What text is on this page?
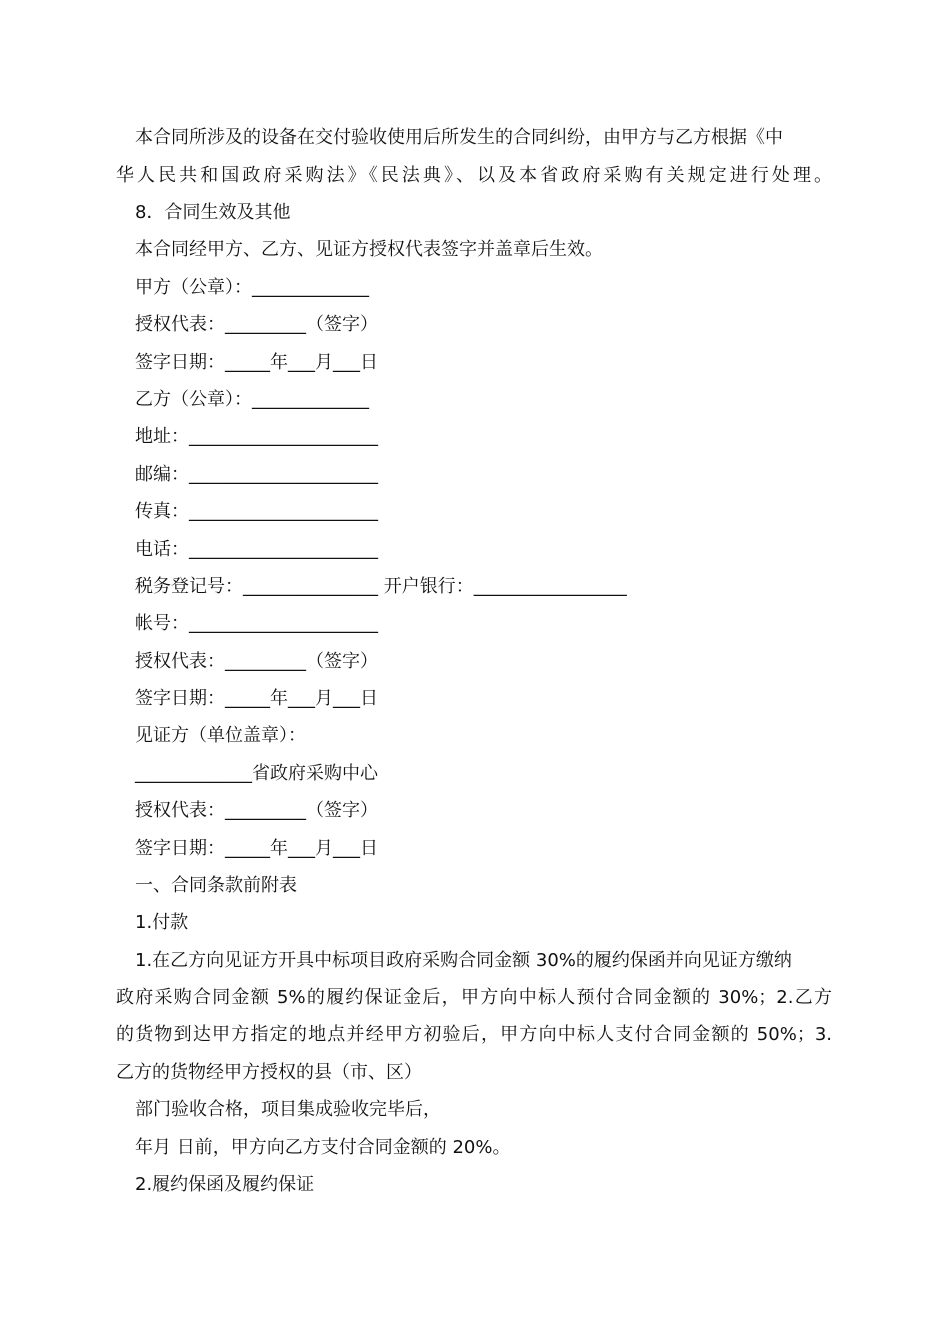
本合同所涉及的设备在交付验收使用后所发生的合同纠纷，由甲方与乙方根据《中
华人民共和国政府采购法》《民法典》、以及本省政府采购有关规定进行处理。
8．合同生效及其他
本合同经甲方、乙方、见证方授权代表签字并盖章后生效。
甲方（公章）：_____________
授权代表：_________（签字）
签字日期：_____年___月___日
乙方（公章）：_____________
地址：_____________________
邮编：_____________________
传真：_____________________
电话：_____________________
税务登记号：_______________ 开户银行：_________________
帐号：_____________________
授权代表：_________（签字）
签字日期：_____年___月___日
见证方（单位盖章）：
_____________省政府采购中心
授权代表：_________（签字）
签字日期：_____年___月___日
一、合同条款前附表
1.付款
1.在乙方向见证方开具中标项目政府采购合同金额 30%的履约保函并向见证方缴纳
政府采购合同金额 5%的履约保证金后，甲方向中标人预付合同金额的 30%；2.乙方
的货物到达甲方指定的地点并经甲方初验后，甲方向中标人支付合同金额的 50%；3.
乙方的货物经甲方授权的县（市、区）
部门验收合格，项目集成验收完毕后，
年月 日前，甲方向乙方支付合同金额的 20%。
2.履约保函及履约保证
